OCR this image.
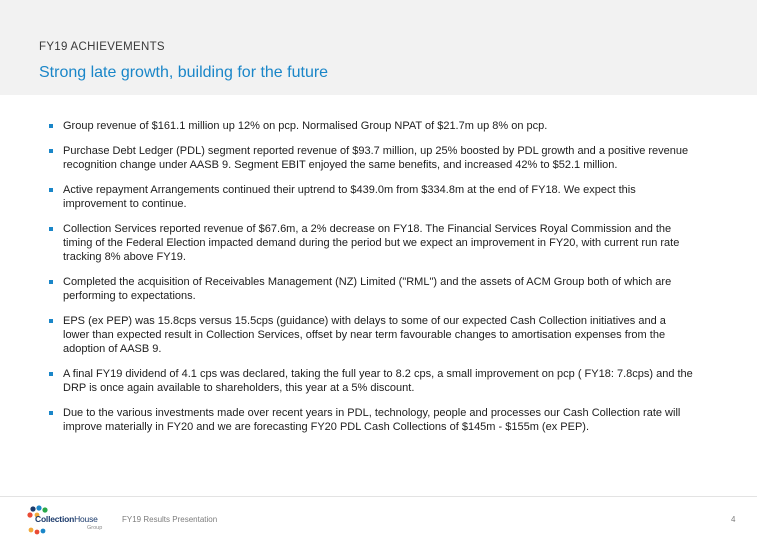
FY19 ACHIEVEMENTS
Strong late growth, building for the future
Group revenue of $161.1 million up 12% on pcp. Normalised Group NPAT of $21.7m up 8% on pcp.
Purchase Debt Ledger (PDL) segment reported revenue of $93.7 million, up 25% boosted by PDL growth and a positive revenue recognition change under AASB 9. Segment EBIT enjoyed the same benefits, and increased 42% to $52.1 million.
Active repayment Arrangements continued their uptrend to $439.0m from $334.8m at the end of FY18. We expect this improvement to continue.
Collection Services reported revenue of $67.6m, a 2% decrease on FY18. The Financial Services Royal Commission and the timing of the Federal Election impacted demand during the period but we expect an improvement in FY20, with current run rate tracking 8% above FY19.
Completed the acquisition of Receivables Management (NZ) Limited ("RML") and the assets of ACM Group both of which are performing to expectations.
EPS (ex PEP) was 15.8cps versus 15.5cps (guidance) with delays to some of our expected Cash Collection initiatives and a lower than expected result in Collection Services, offset by near term favourable changes to amortisation expenses from the adoption of AASB 9.
A final FY19 dividend of 4.1 cps was declared, taking the full year to 8.2 cps, a small improvement on pcp ( FY18: 7.8cps) and the DRP is once again available to shareholders, this year at a 5% discount.
Due to the various investments made over recent years in PDL, technology, people and processes our Cash Collection rate will improve materially in FY20 and we are forecasting FY20 PDL Cash Collections of $145m - $155m (ex PEP).
CollectionHouse
Group
FY19 Results Presentation	4
